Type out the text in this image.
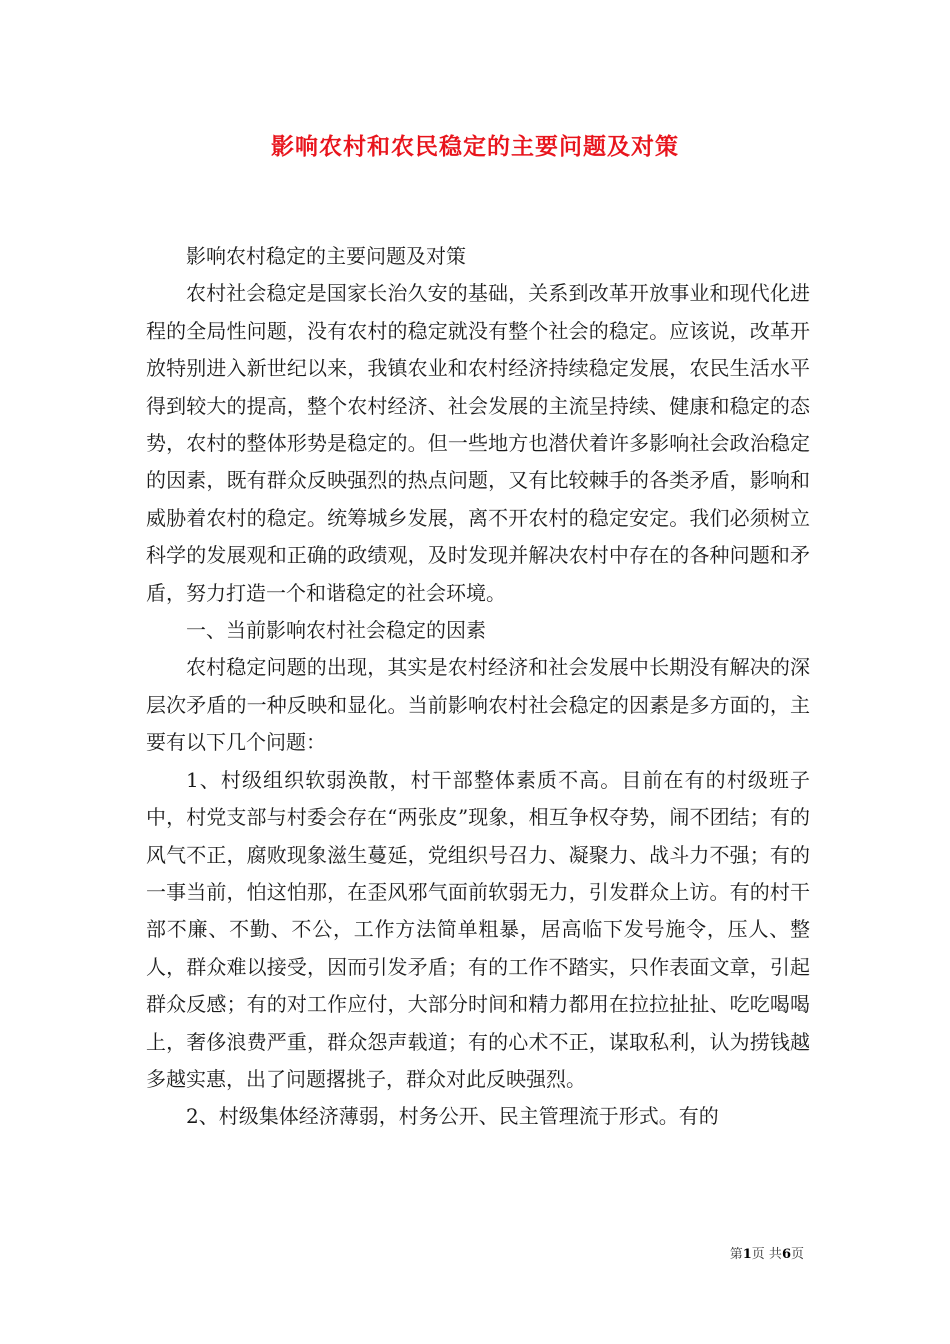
影响农村和农民稳定的主要问题及对策

影响农村稳定的主要问题及对策

农村社会稳定是国家长治久安的基础，关系到改革开放事业和现代化进程的全局性问题，没有农村的稳定就没有整个社会的稳定。应该说，改革开放特别进入新世纪以来，我镇农业和农村经济持续稳定发展，农民生活水平得到较大的提高，整个农村经济、社会发展的主流呈持续、健康和稳定的态势，农村的整体形势是稳定的。但一些地方也潜伏着许多影响社会政治稳定的因素，既有群众反映强烈的热点问题，又有比较棘手的各类矛盾，影响和威胁着农村的稳定。统筹城乡发展，离不开农村的稳定安定。我们必须树立科学的发展观和正确的政绩观，及时发现并解决农村中存在的各种问题和矛盾，努力打造一个和谐稳定的社会环境。

一、当前影响农村社会稳定的因素

农村稳定问题的出现，其实是农村经济和社会发展中长期没有解决的深层次矛盾的一种反映和显化。当前影响农村社会稳定的因素是多方面的，主要有以下几个问题：

1、村级组织软弱涣散，村干部整体素质不高。目前在有的村级班子中，村党支部与村委会存在“两张皮”现象，相互争权夺势，闹不团结；有的风气不正，腐败现象滋生蔓延，党组织号召力、凝聚力、战斗力不强；有的一事当前，怕这怕那，在歪风邪气面前软弱无力，引发群众上访。有的村干部不廉、不勤、不公，工作方法简单粗暴，居高临下发号施令，压人、整人，群众难以接受，因而引发矛盾；有的工作不踏实，只作表面文章，引起群众反感；有的对工作应付，大部分时间和精力都用在拉拉扯扯、吃吃喝喝上，奢侈浪费严重，群众怨声载道；有的心术不正，谋取私利，认为捞钱越多越实惠，出了问题撂挑子，群众对此反映强烈。

2、村级集体经济薄弱，村务公开、民主管理流于形式。有的

第1页 共6页
